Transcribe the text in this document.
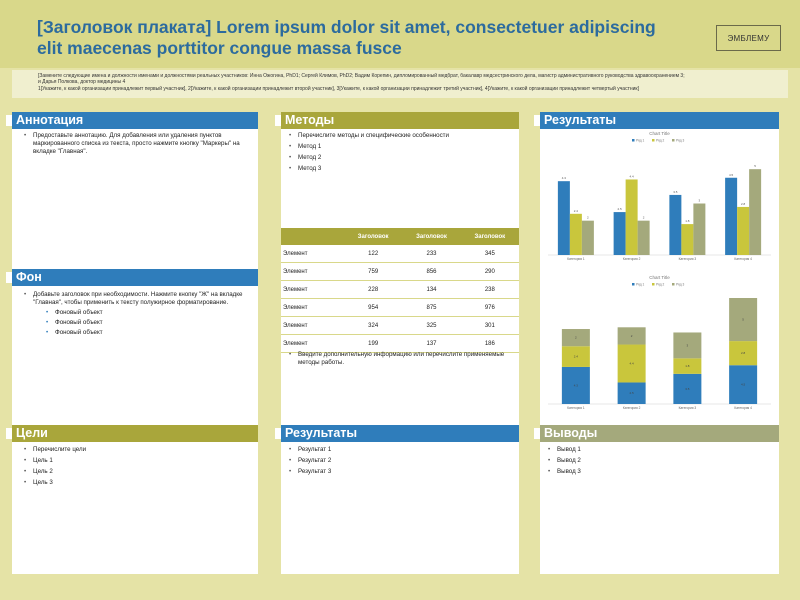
[Заголовок плаката] Lorem ipsum dolor sit amet, consectetuer adipiscing elit maecenas porttitor congue massa fusce	ЭМБЛЕМУ
[Замените следующие имена и должности именами и должностями реальных участников: Инна Ожогина, PhD1; Сергей Климов, PhD2; Вадим Корепин, дипломированный медбрат, бакалавр медсестринского дела, магистр административного руководства здравоохранением 3;
и Дарья Полкова, доктор медицины 4
1[Укажите, к какой организации принадлежит первый участник], 2[Укажите, к какой организации принадлежит второй участник], 3[Укажите, к какой организации принадлежит третий участник], 4[Укажите, к какой организации принадлежит четвертый участник]
Аннотация
• Предоставьте аннотацию. Для добавления или удаления пунктов маркированного списка из текста, просто нажмите кнопку "Маркеры" на вкладке "Главная".
Фон
• Добавьте заголовок при необходимости. Нажмите кнопку "Ж" на вкладке "Главная", чтобы применить к тексту полужирное форматирование.
• Фоновый объект
• Фоновый объект
• Фоновый объект
Цели
• Перечислите цели
• Цель 1
• Цель 2
• Цель 3
Методы
• Перечислите методы и специфические особенности
• Метод 1
• Метод 2
• Метод 3
	Заголовок	Заголовок	Заголовок
Элемент	122	233	345
Элемент	759	856	290
Элемент	228	134	238
Элемент	954	875	976
Элемент	324	325	301
Элемент	199	137	186
• Введите дополнительную информацию или перечислите применяемые методы работы.
Результаты
• Результат 1
• Результат 2
• Результат 3
Результаты
Chart Title
Ряд 1	Ряд 2	Ряд 3
4.3
2.4
2
Категория 1
2.5
4.4
2
Категория 2
3.5
1.8
3
Категория 3
4.5
2.8
5
Категория 4
Chart Title
Ряд 1	Ряд 2	Ряд 3
4.3
2.4
2
Категория 1
2.5
4.4
2
Категория 2
3.5
1.8
3
Категория 3
4.5
2.8
5
Категория 4
Выводы
• Вывод 1
• Вывод 2
• Вывод 3
